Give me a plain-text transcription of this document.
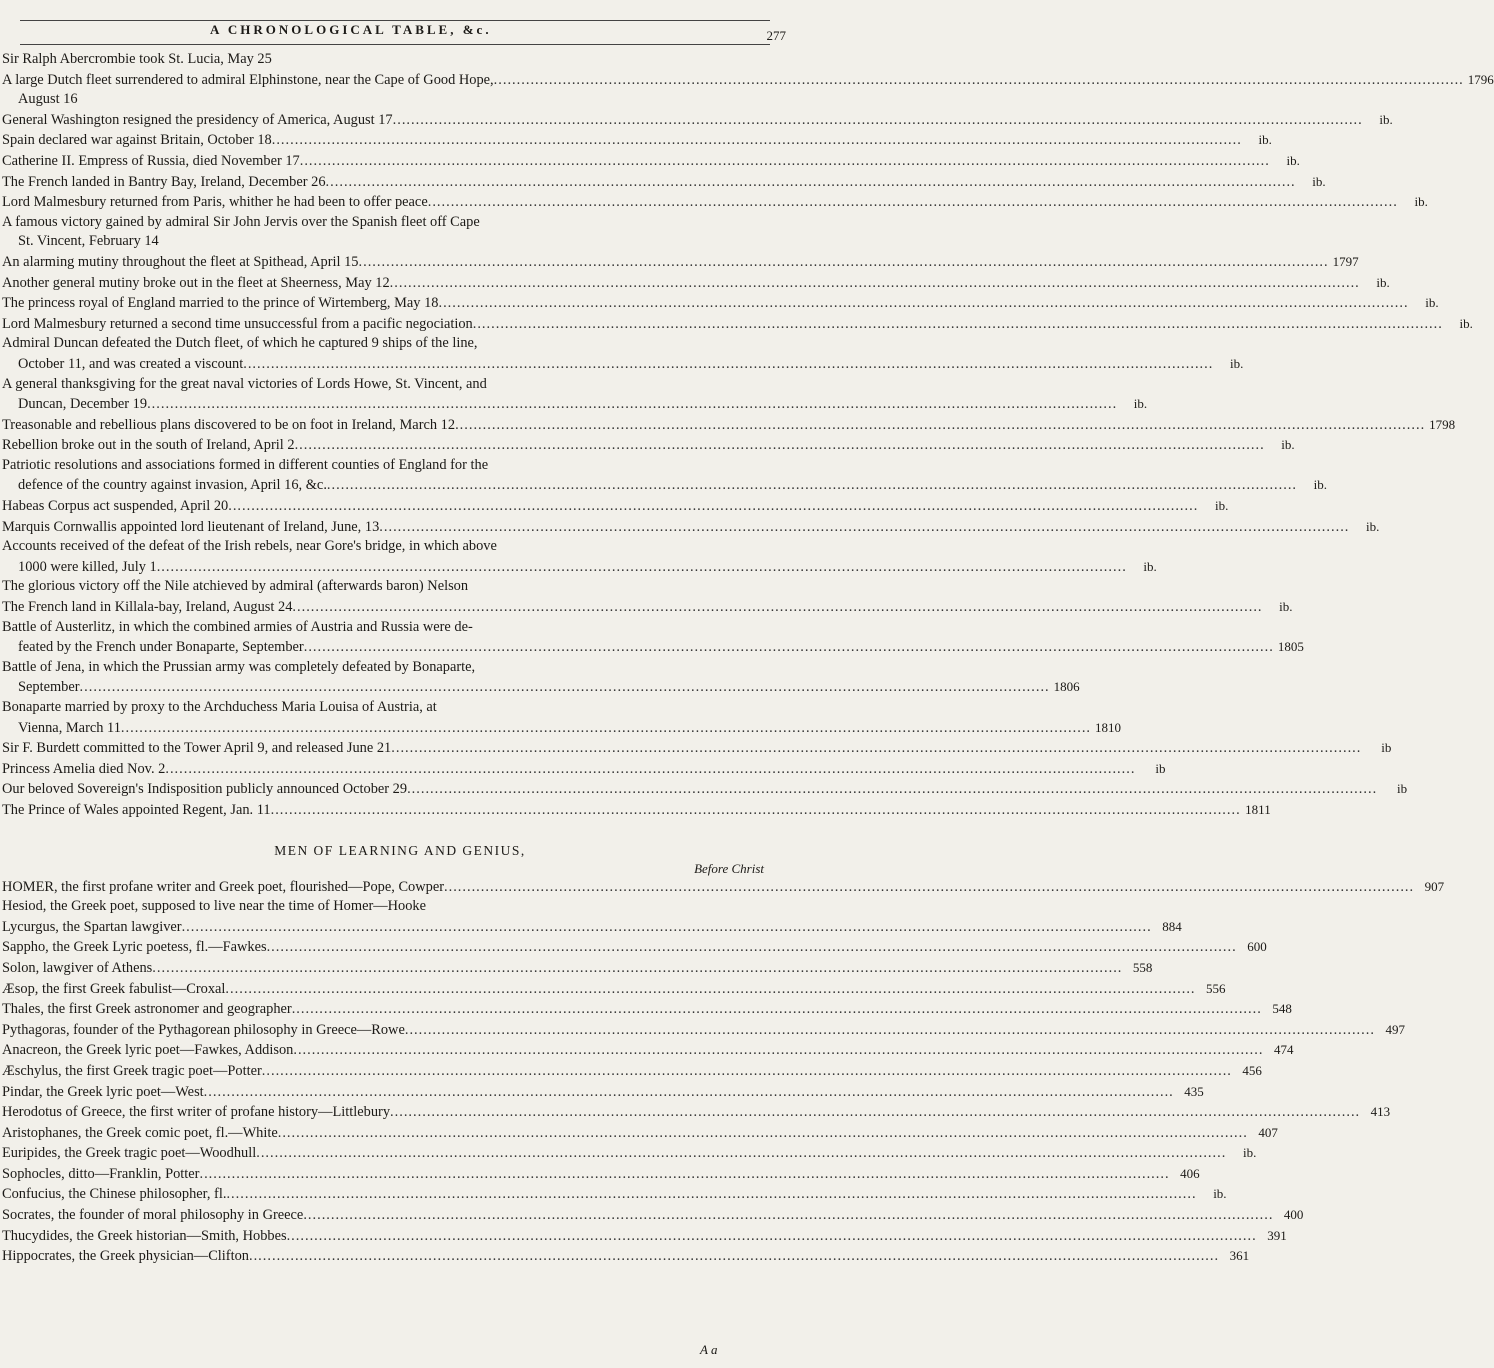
A CHRONOLOGICAL TABLE, &c.	277
Sir Ralph Abercrombie took St. Lucia, May 25
A large Dutch fleet surrendered to admiral Elphinstone, near the Cape of Good Hope, .....	1796
August 16
General Washington resigned the presidency of America, August 17 .....	ib.
Spain declared war against Britain, October 18 .....	ib.
Catherine II. Empress of Russia, died November 17 .....	ib.
The French landed in Bantry Bay, Ireland, December 26 .....	ib.
Lord Malmesbury returned from Paris, whither he had been to offer peace .....	ib.
A famous victory gained by admiral Sir John Jervis over the Spanish fleet off Cape
St. Vincent, February 14
An alarming mutiny throughout the fleet at Spithead, April 15 .....	1797
Another general mutiny broke out in the fleet at Sheerness, May 12 .....	ib.
The princess royal of England married to the prince of Wirtemberg, May 18 .....	ib.
Lord Malmesbury returned a second time unsuccessful from a pacific negociation .....	ib.
Admiral Duncan defeated the Dutch fleet, of which he captured 9 ships of the line,
October 11, and was created a viscount .....	ib.
A general thanksgiving for the great naval victories of Lords Howe, St. Vincent, and
Duncan, December 19 .....	ib.
Treasonable and rebellious plans discovered to be on foot in Ireland, March 12 .....	1798
Rebellion broke out in the south of Ireland, April 2 .....	ib.
Patriotic resolutions and associations formed in different counties of England for the
defence of the country against invasion, April 16, &c. .....	ib.
Habeas Corpus act suspended, April 20 .....	ib.
Marquis Cornwallis appointed lord lieutenant of Ireland, June, 13 .....	ib.
Accounts received of the defeat of the Irish rebels, near Gore's bridge, in which above
1000 were killed, July 1 .....	ib.
The glorious victory off the Nile atchieved by admiral (afterwards baron) Nelson
The French land in Killala-bay, Ireland, August 24 .....	ib.
Battle of Austerlitz, in which the combined armies of Austria and Russia were de-
feated by the French under Bonaparte, September .....	1805
Battle of Jena, in which the Prussian army was completely defeated by Bonaparte,
September .....	1806
Bonaparte married by proxy to the Archduchess Maria Louisa of Austria, at
Vienna, March 11 .....	1810
Sir F. Burdett committed to the Tower April 9, and released June 21 .....	ib
Princess Amelia died Nov. 2 .....	ib
Our beloved Sovereign's Indisposition publicly announced October 29 .....	ib
The Prince of Wales appointed Regent, Jan. 11 .....	1811
MEN OF LEARNING AND GENIUS,
Before Christ
HOMER, the first profane writer and Greek poet, flourished—Pope, Cowper .....	907
Hesiod, the Greek poet, supposed to live near the time of Homer—Hooke
Lycurgus, the Spartan lawgiver .....	884
Sappho, the Greek Lyric poetess, fl.—Fawkes .....	600
Solon, lawgiver of Athens .....	558
Æsop, the first Greek fabulist—Croxal .....	556
Thales, the first Greek astronomer and geographer .....	548
Pythagoras, founder of the Pythagorean philosophy in Greece—Rowe .....	497
Anacreon, the Greek lyric poet—Fawkes, Addison .....	474
Æschylus, the first Greek tragic poet—Potter .....	456
Pindar, the Greek lyric poet—West .....	435
Herodotus of Greece, the first writer of profane history—Littlebury .....	413
Aristophanes, the Greek comic poet, fl.—White .....	407
Euripides, the Greek tragic poet—Woodhull .....	ib.
Sophocles, ditto—Franklin, Potter .....	406
Confucius, the Chinese philosopher, fl. .....	ib.
Socrates, the founder of moral philosophy in Greece .....	400
Thucydides, the Greek historian—Smith, Hobbes .....	391
Hippocrates, the Greek physician—Clifton .....	361
A a
